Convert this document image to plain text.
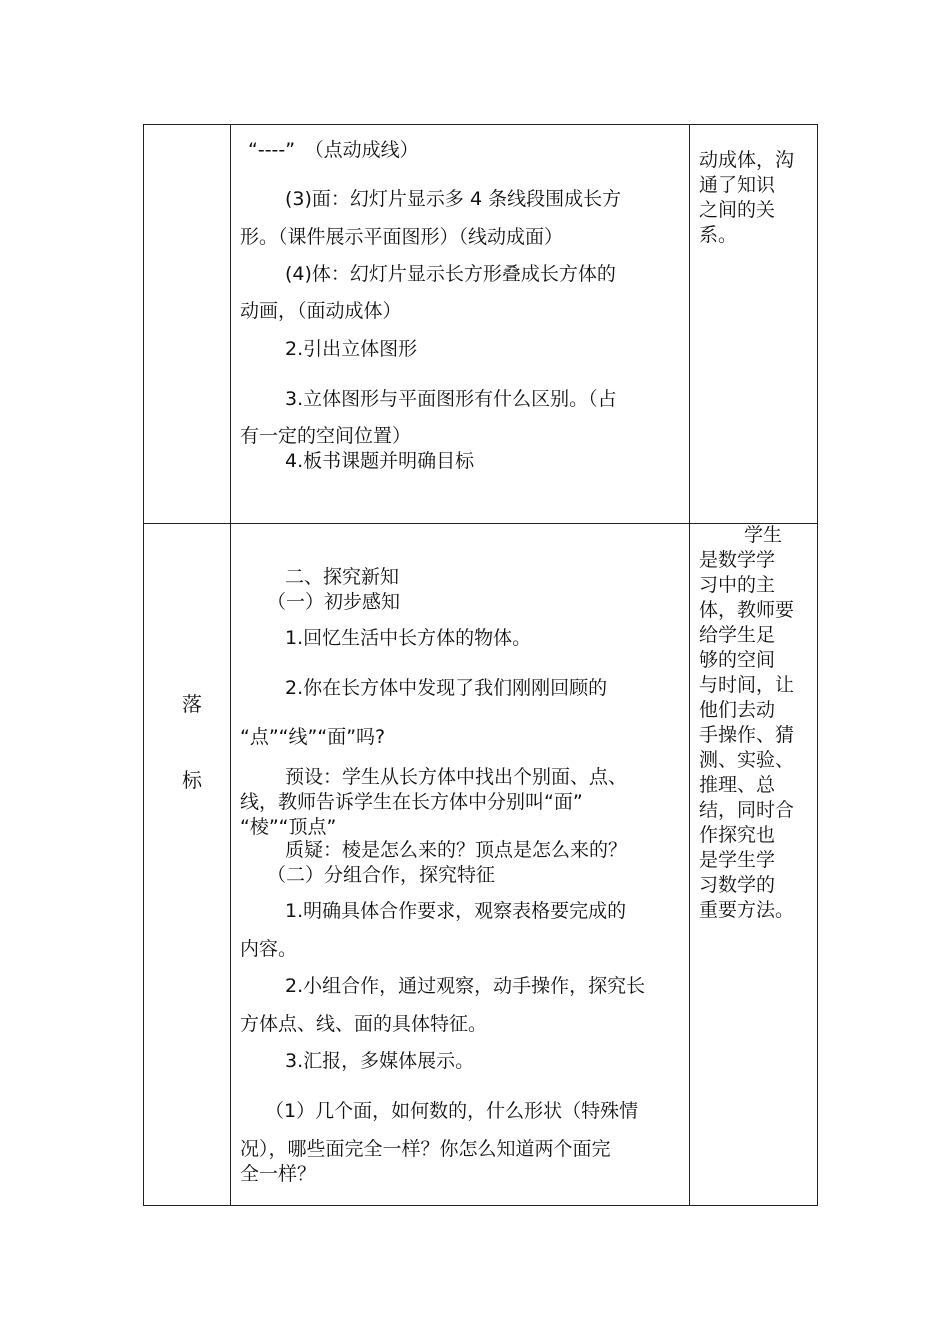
“----”　（点动成线）
(3)面：幻灯片显示多 4 条线段围成长方
形。（课件展示平面图形）（线动成面）
(4)体：幻灯片显示长方形叠成长方体的
动画，（面动成体）
2.引出立体图形
3.立体图形与平面图形有什么区别。（占
有一定的空间位置）
4.板书课题并明确目标
动成体，沟
通了知识
之间的关
系。
落
标
二、探究新知
（一）初步感知
1.回忆生活中长方体的物体。
2.你在长方体中发现了我们刚刚回顾的
“点”“线”“面”吗?
预设：学生从长方体中找出个别面、点、
线，教师告诉学生在长方体中分别叫“面”
“棱”“顶点”
质疑：棱是怎么来的？顶点是怎么来的？
（二）分组合作，探究特征
1.明确具体合作要求，观察表格要完成的
内容。
2.小组合作，通过观察，动手操作，探究长
方体点、线、面的具体特征。
3.汇报，多媒体展示。
（1）几个面，如何数的，什么形状（特殊情
况），哪些面完全一样？你怎么知道两个面完
全一样？
学生
是数学学
习中的主
体，教师要
给学生足
够的空间
与时间，让
他们去动
手操作、猜
测、实验、
推理、总
结，同时合
作探究也
是学生学
习数学的
重要方法。
